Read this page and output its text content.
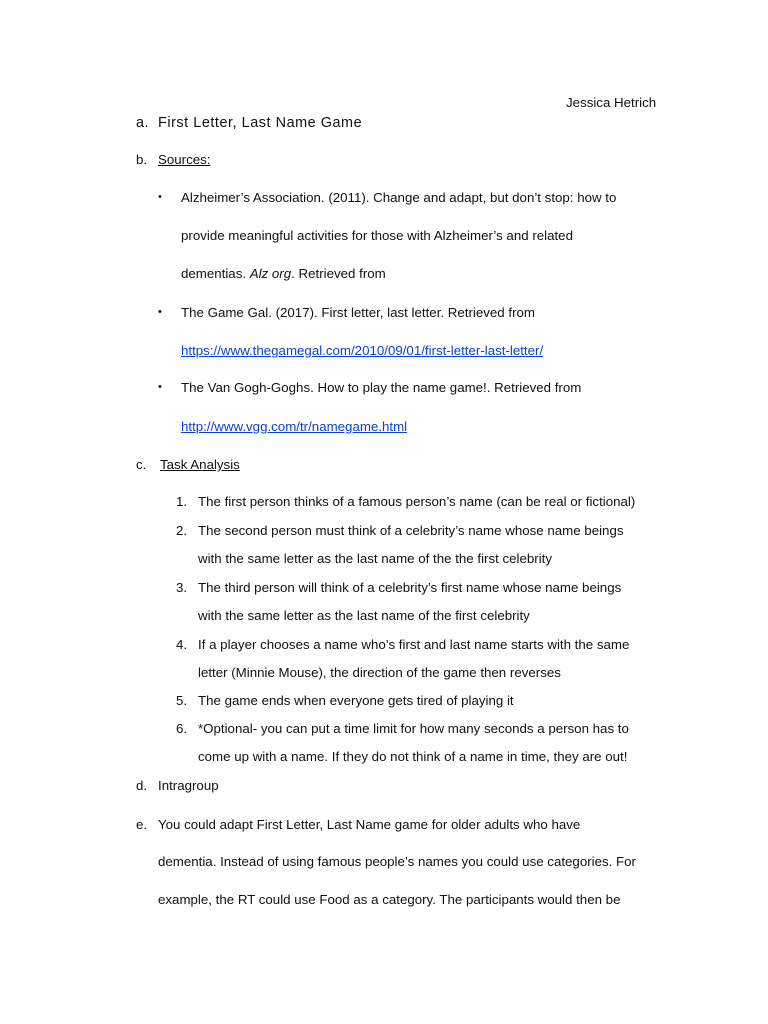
Jessica Hetrich
a. First Letter, Last Name Game
b. Sources:
• Alzheimer’s Association. (2011). Change and adapt, but don’t stop: how to
provide meaningful activities for those with Alzheimer’s and related
dementias. Alz org. Retrieved from
• The Game Gal. (2017). First letter, last letter. Retrieved from
https://www.thegamegal.com/2010/09/01/first-letter-last-letter/
• The Van Gogh-Goghs. How to play the name game!. Retrieved from
http://www.vgg.com/tr/namegame.html
c. Task Analysis
1. The first person thinks of a famous person’s name (can be real or fictional)
2. The second person must think of a celebrity’s name whose name beings
with the same letter as the last name of the the first celebrity
3. The third person will think of a celebrity’s first name whose name beings
with the same letter as the last name of the first celebrity
4. If a player chooses a name who’s first and last name starts with the same
letter (Minnie Mouse), the direction of the game then reverses
5. The game ends when everyone gets tired of playing it
6. *Optional- you can put a time limit for how many seconds a person has to
come up with a name. If they do not think of a name in time, they are out!
d. Intragroup
e. You could adapt First Letter, Last Name game for older adults who have
dementia. Instead of using famous people’s names you could use categories. For
example, the RT could use Food as a category. The participants would then be
